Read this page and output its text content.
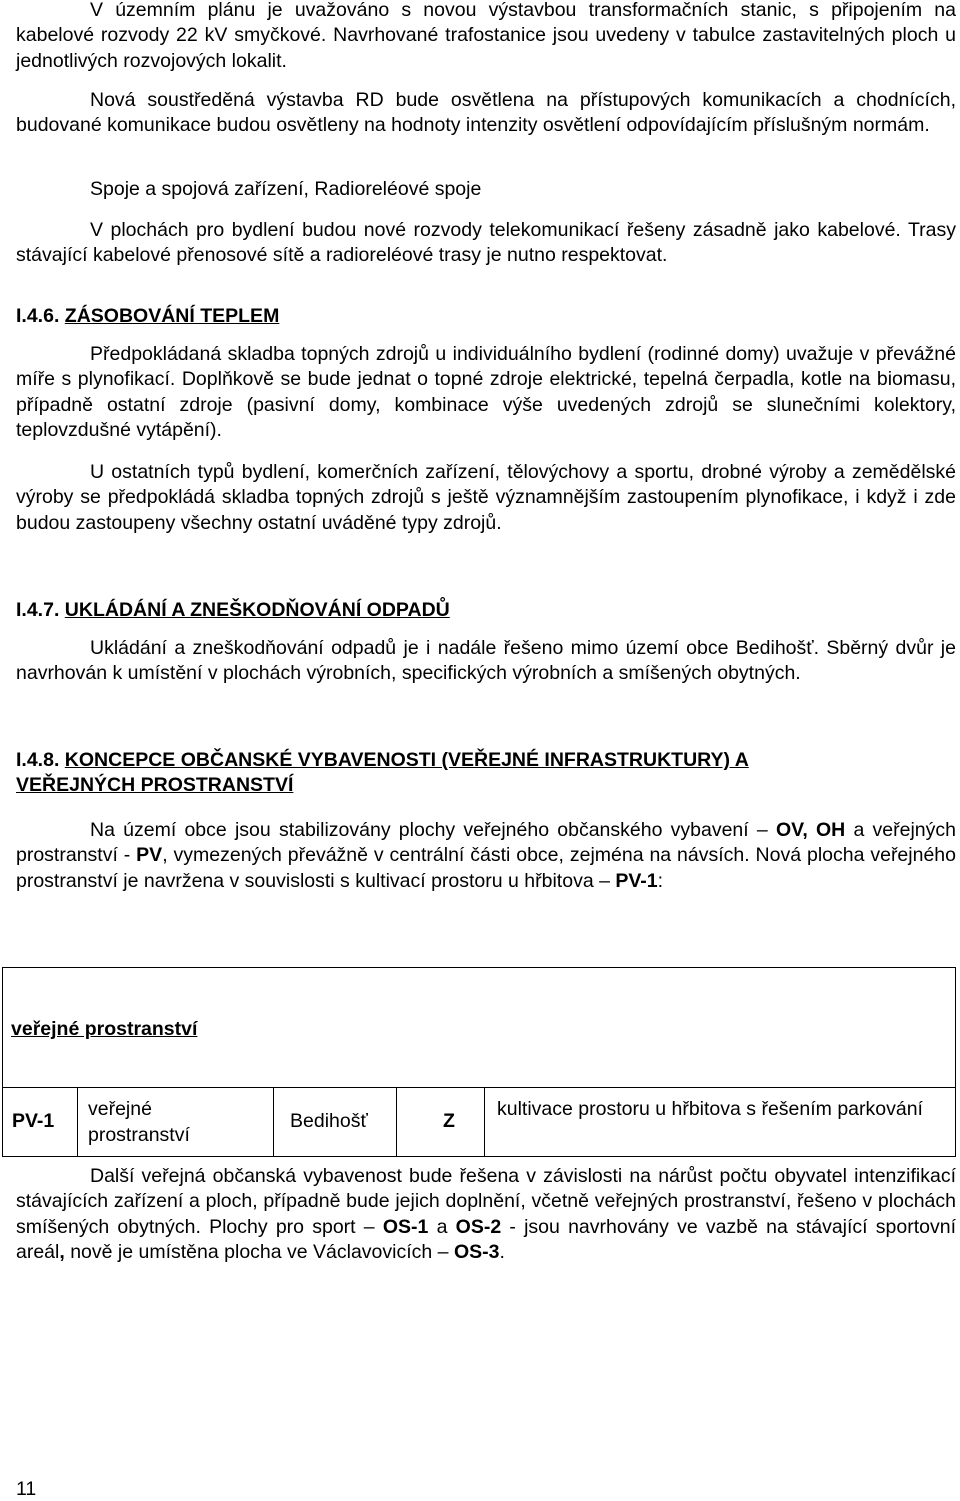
V územním plánu je uvažováno s novou výstavbou transformačních stanic, s připojením na kabelové rozvody 22 kV smyčkové. Navrhované trafostanice jsou uvedeny v tabulce zastavitelných ploch u jednotlivých rozvojových lokalit.

Nová soustředěná výstavba RD bude osvětlena na přístupových komunikacích a chodnících, budované komunikace budou osvětleny na hodnoty intenzity osvětlení odpovídajícím příslušným normám.

Spoje a spojová zařízení, Radioreléové spoje

V plochách pro bydlení budou nové rozvody telekomunikací řešeny zásadně jako kabelové. Trasy stávající kabelové přenosové sítě a radioreléové trasy je nutno respektovat.

I.4.6. ZÁSOBOVÁNÍ TEPLEM

Předpokládaná skladba topných zdrojů u individuálního bydlení (rodinné domy) uvažuje v převážné míře s plynofikací. Doplňkově se bude jednat o topné zdroje elektrické, tepelná čerpadla, kotle na biomasu, případně ostatní zdroje (pasivní domy, kombinace výše uvedených zdrojů se slunečními kolektory, teplovzdušné vytápění).

U ostatních typů bydlení, komerčních zařízení, tělovýchovy a sportu, drobné výroby a zemědělské výroby se předpokládá skladba topných zdrojů s ještě významnějším zastoupením plynofikace, i když i zde budou zastoupeny všechny ostatní uváděné typy zdrojů.

I.4.7. UKLÁDÁNÍ A ZNEŠKODŇOVÁNÍ ODPADŮ

Ukládání a zneškodňování odpadů je i nadále řešeno mimo území obce Bedihošť. Sběrný dvůr je navrhován k umístění v plochách výrobních, specifických výrobních a smíšených obytných.

I.4.8. KONCEPCE OBČANSKÉ VYBAVENOSTI (VEŘEJNÉ INFRASTRUKTURY) A
VEŘEJNÝCH PROSTRANSTVÍ

Na území obce jsou stabilizovány plochy veřejného občanského vybavení – OV, OH a veřejných prostranství - PV, vymezených převážně v centrální části obce, zejména na návsích. Nová plocha veřejného prostranství je navržena v souvislosti s kultivací prostoru u hřbitova – PV-1:

veřejné prostranství
PV-1
veřejné prostranství
Bedihošť	Z
kultivace prostoru u hřbitova s řešením parkování

Další veřejná občanská vybavenost bude řešena v závislosti na nárůst počtu obyvatel intenzifikací stávajících zařízení a ploch, případně bude jejich doplnění, včetně veřejných prostranství, řešeno v plochách smíšených obytných. Plochy pro sport – OS-1 a OS-2 - jsou navrhovány ve vazbě na stávající sportovní areál, nově je umístěna plocha ve Václavovicích – OS-3.

11
